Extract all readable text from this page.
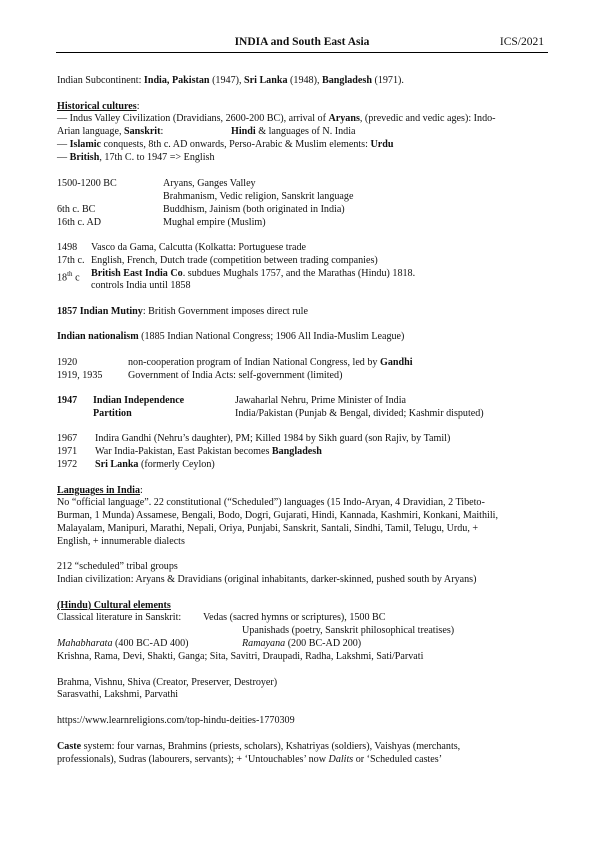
INDIA and South East Asia	ICS/2021
Indian Subcontinent: India, Pakistan (1947), Sri Lanka (1948), Bangladesh (1971).
Historical cultures:
— Indus Valley Civilization (Dravidians, 2600-200 BC), arrival of Aryans, (prevedic and vedic ages): Indo-
Arian language, Sanskrit:	Hindi & languages of N. India
— Islamic conquests, 8th c. AD onwards, Perso-Arabic & Muslim elements: Urdu
— British, 17th C. to 1947 => English
1500-1200 BC	Aryans, Ganges Valley
Brahmanism, Vedic religion, Sanskrit language
6th c. BC	Buddhism, Jainism (both originated in India)
16th c. AD	Mughal empire (Muslim)
1498 Vasco da Gama, Calcutta (Kolkatta: Portuguese trade
17th c. English, French, Dutch trade (competition between trading companies)
18th c British East India Co. subdues Mughals 1757, and the Marathas (Hindu) 1818.
controls India until 1858
1857 Indian Mutiny: British Government imposes direct rule
Indian nationalism (1885 Indian National Congress; 1906 All India-Muslim League)
1920	non-cooperation program of Indian National Congress, led by Gandhi
1919, 1935	Government of India Acts: self-government (limited)
1947 Indian Independence	Jawaharlal Nehru, Prime Minister of India
Partition	India/Pakistan (Punjab & Bengal, divided; Kashmir disputed)
1967 Indira Gandhi (Nehru’s daughter), PM; Killed 1984 by Sikh guard (son Rajiv, by Tamil)
1971 War India-Pakistan, East Pakistan becomes Bangladesh
1972 Sri Lanka (formerly Ceylon)
Languages in India:
No “official language”. 22 constitutional (“Scheduled”) languages (15 Indo-Aryan, 4 Dravidian, 2 Tibeto-
Burman, 1 Munda) Assamese, Bengali, Bodo, Dogri, Gujarati, Hindi, Kannada, Kashmiri, Konkani, Maithili,
Malayalam, Manipuri, Marathi, Nepali, Oriya, Punjabi, Sanskrit, Santali, Sindhi, Tamil, Telugu, Urdu, +
English, + innumerable dialects
212 “scheduled” tribal groups
Indian civilization: Aryans & Dravidians (original inhabitants, darker-skinned, pushed south by Aryans)
(Hindu) Cultural elements
Classical literature in Sanskrit: Vedas (sacred hymns or scriptures), 1500 BC
Upanishads (poetry, Sanskrit philosophical treatises)
Mahabharata (400 BC-AD 400)	Ramayana (200 BC-AD 200)
Krishna, Rama, Devi, Shakti, Ganga; Sita, Savitri, Draupadi, Radha, Lakshmi, Sati/Parvati
Brahma, Vishnu, Shiva (Creator, Preserver, Destroyer)
Sarasvathi, Lakshmi, Parvathi
https://www.learnreligions.com/top-hindu-deities-1770309
Caste system: four varnas, Brahmins (priests, scholars), Kshatriyas (soldiers), Vaishyas (merchants,
professionals), Sudras (labourers, servants); + ‘Untouchables’ now Dalits or ‘Scheduled castes’
